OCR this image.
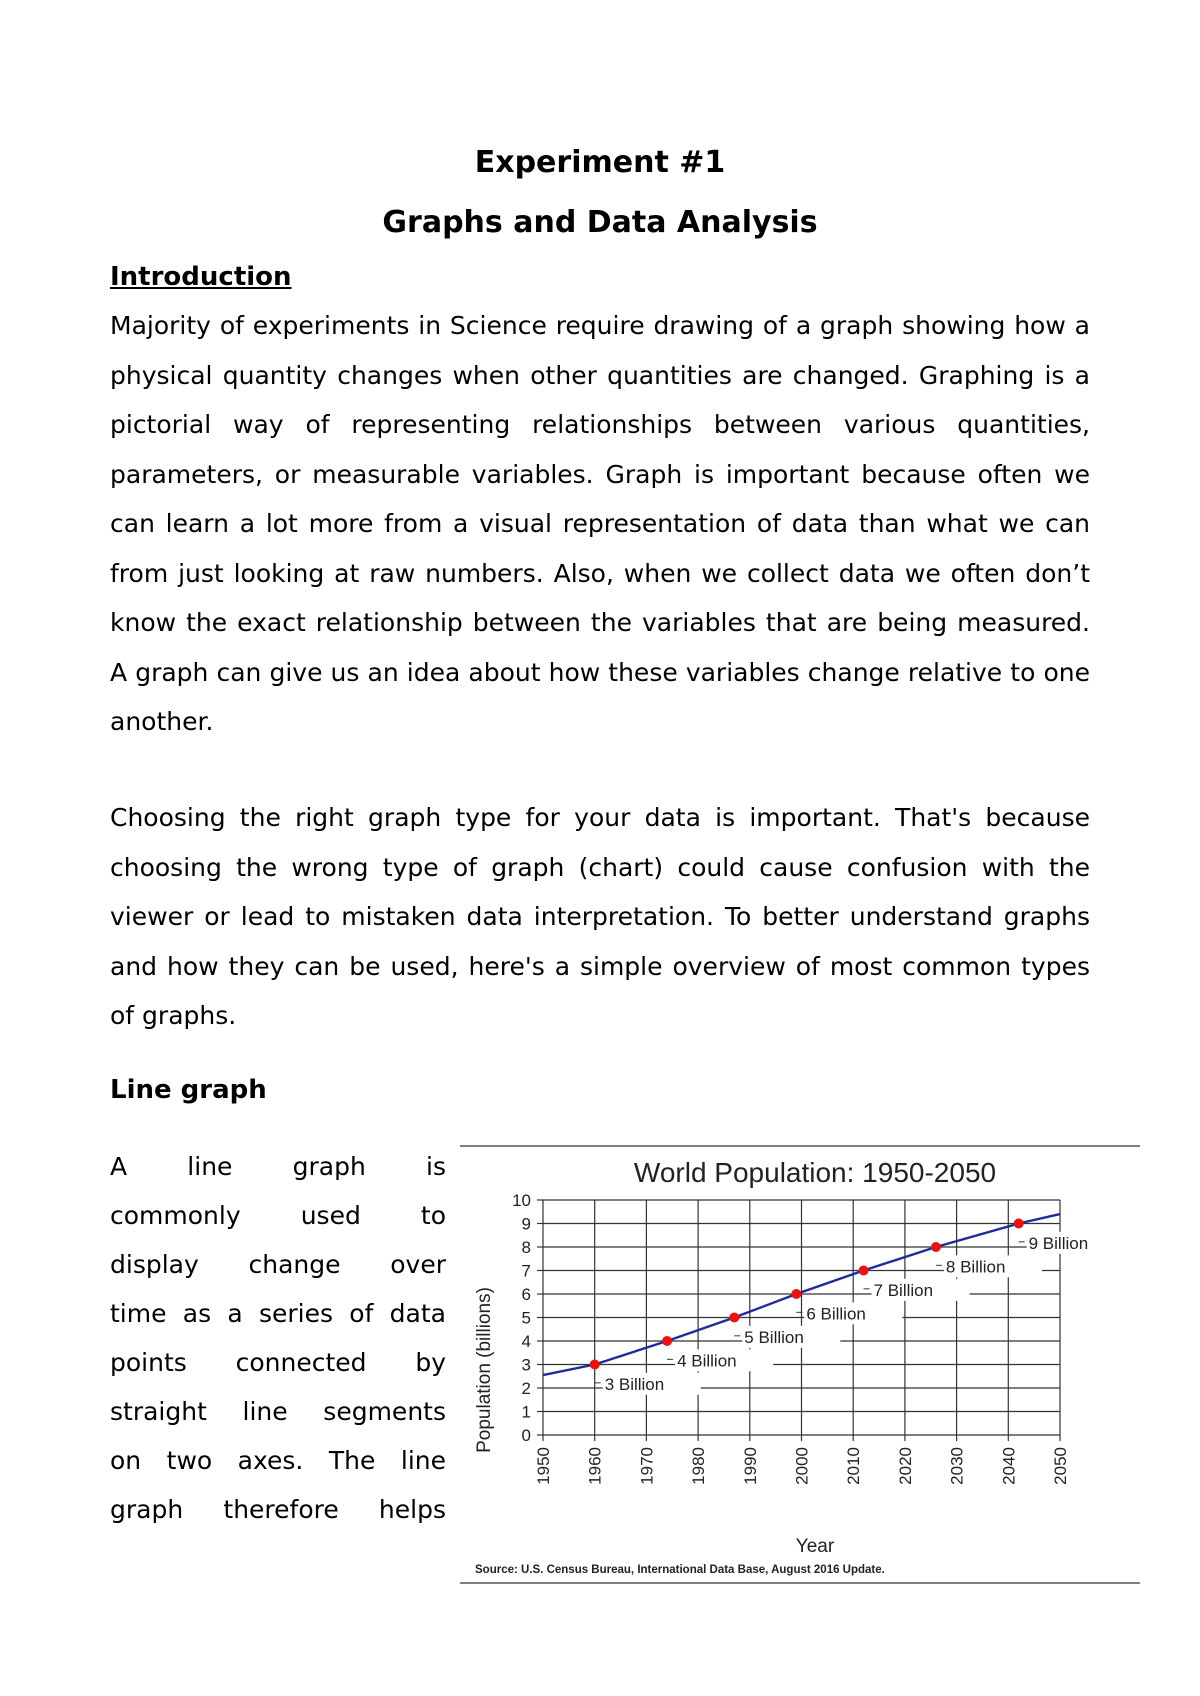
Experiment #1
Graphs and Data Analysis
Introduction

Majority of experiments in Science require drawing of a graph showing how a physical quantity changes when other quantities are changed. Graphing is a pictorial way of representing relationships between various quantities, parameters, or measurable variables. Graph is important because often we can learn a lot more from a visual representation of data than what we can from just looking at raw numbers. Also, when we collect data we often don’t know the exact relationship between the variables that are being measured. A graph can give us an idea about how these variables change relative to one another.

Choosing the right graph type for your data is important. That's because choosing the wrong type of graph (chart) could cause confusion with the viewer or lead to mistaken data interpretation. To better understand graphs and how they can be used, here's a simple overview of most common types of graphs.

Line graph

A line graph is
commonly used to
display change over
time as a series of data
points connected by
straight line segments
on two axes. The line
graph therefore helps

World Population: 1950-2050
0
1
2
3
4
5
6
7
8
9
10
1950 1960 1970 1980 1990 2000 2010 2020 2030 2040 2050
Population (billions)
Year
3 Billion
4 Billion
5 Billion
6 Billion
7 Billion
8 Billion
9 Billion
Source: U.S. Census Bureau, International Data Base, August 2016 Update.
